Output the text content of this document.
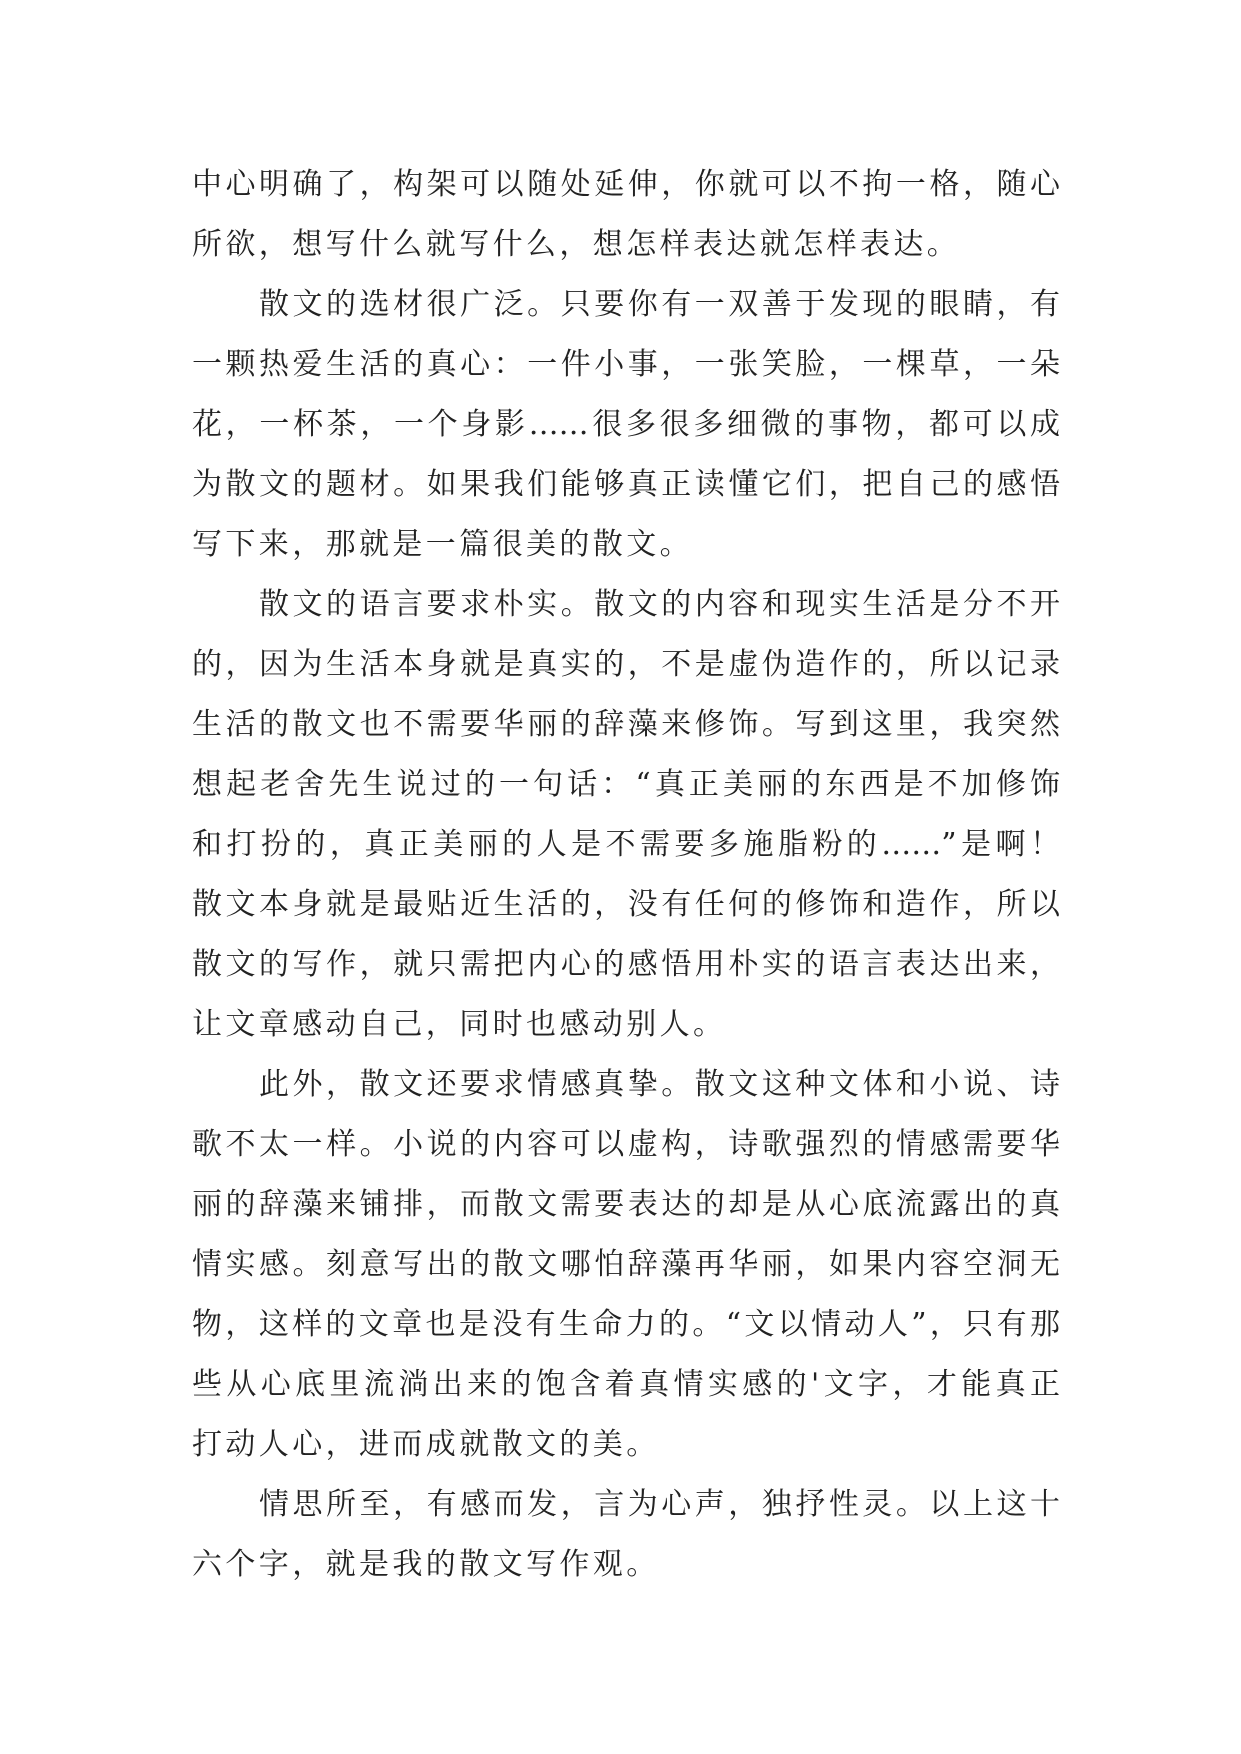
中心明确了，构架可以随处延伸，你就可以不拘一格，随心
所欲，想写什么就写什么，想怎样表达就怎样表达。
散文的选材很广泛。只要你有一双善于发现的眼睛，有
一颗热爱生活的真心：一件小事，一张笑脸，一棵草，一朵
花，一杯茶，一个身影……很多很多细微的事物，都可以成
为散文的题材。如果我们能够真正读懂它们，把自己的感悟
写下来，那就是一篇很美的散文。
散文的语言要求朴实。散文的内容和现实生活是分不开
的，因为生活本身就是真实的，不是虚伪造作的，所以记录
生活的散文也不需要华丽的辞藻来修饰。写到这里，我突然
想起老舍先生说过的一句话：“真正美丽的东西是不加修饰
和打扮的，真正美丽的人是不需要多施脂粉的……”是啊！
散文本身就是最贴近生活的，没有任何的修饰和造作，所以
散文的写作，就只需把内心的感悟用朴实的语言表达出来，
让文章感动自己，同时也感动别人。
此外，散文还要求情感真挚。散文这种文体和小说、诗
歌不太一样。小说的内容可以虚构，诗歌强烈的情感需要华
丽的辞藻来铺排，而散文需要表达的却是从心底流露出的真
情实感。刻意写出的散文哪怕辞藻再华丽，如果内容空洞无
物，这样的文章也是没有生命力的。“文以情动人”，只有那
些从心底里流淌出来的饱含着真情实感的'文字，才能真正
打动人心，进而成就散文的美。
情思所至，有感而发，言为心声，独抒性灵。以上这十
六个字，就是我的散文写作观。
